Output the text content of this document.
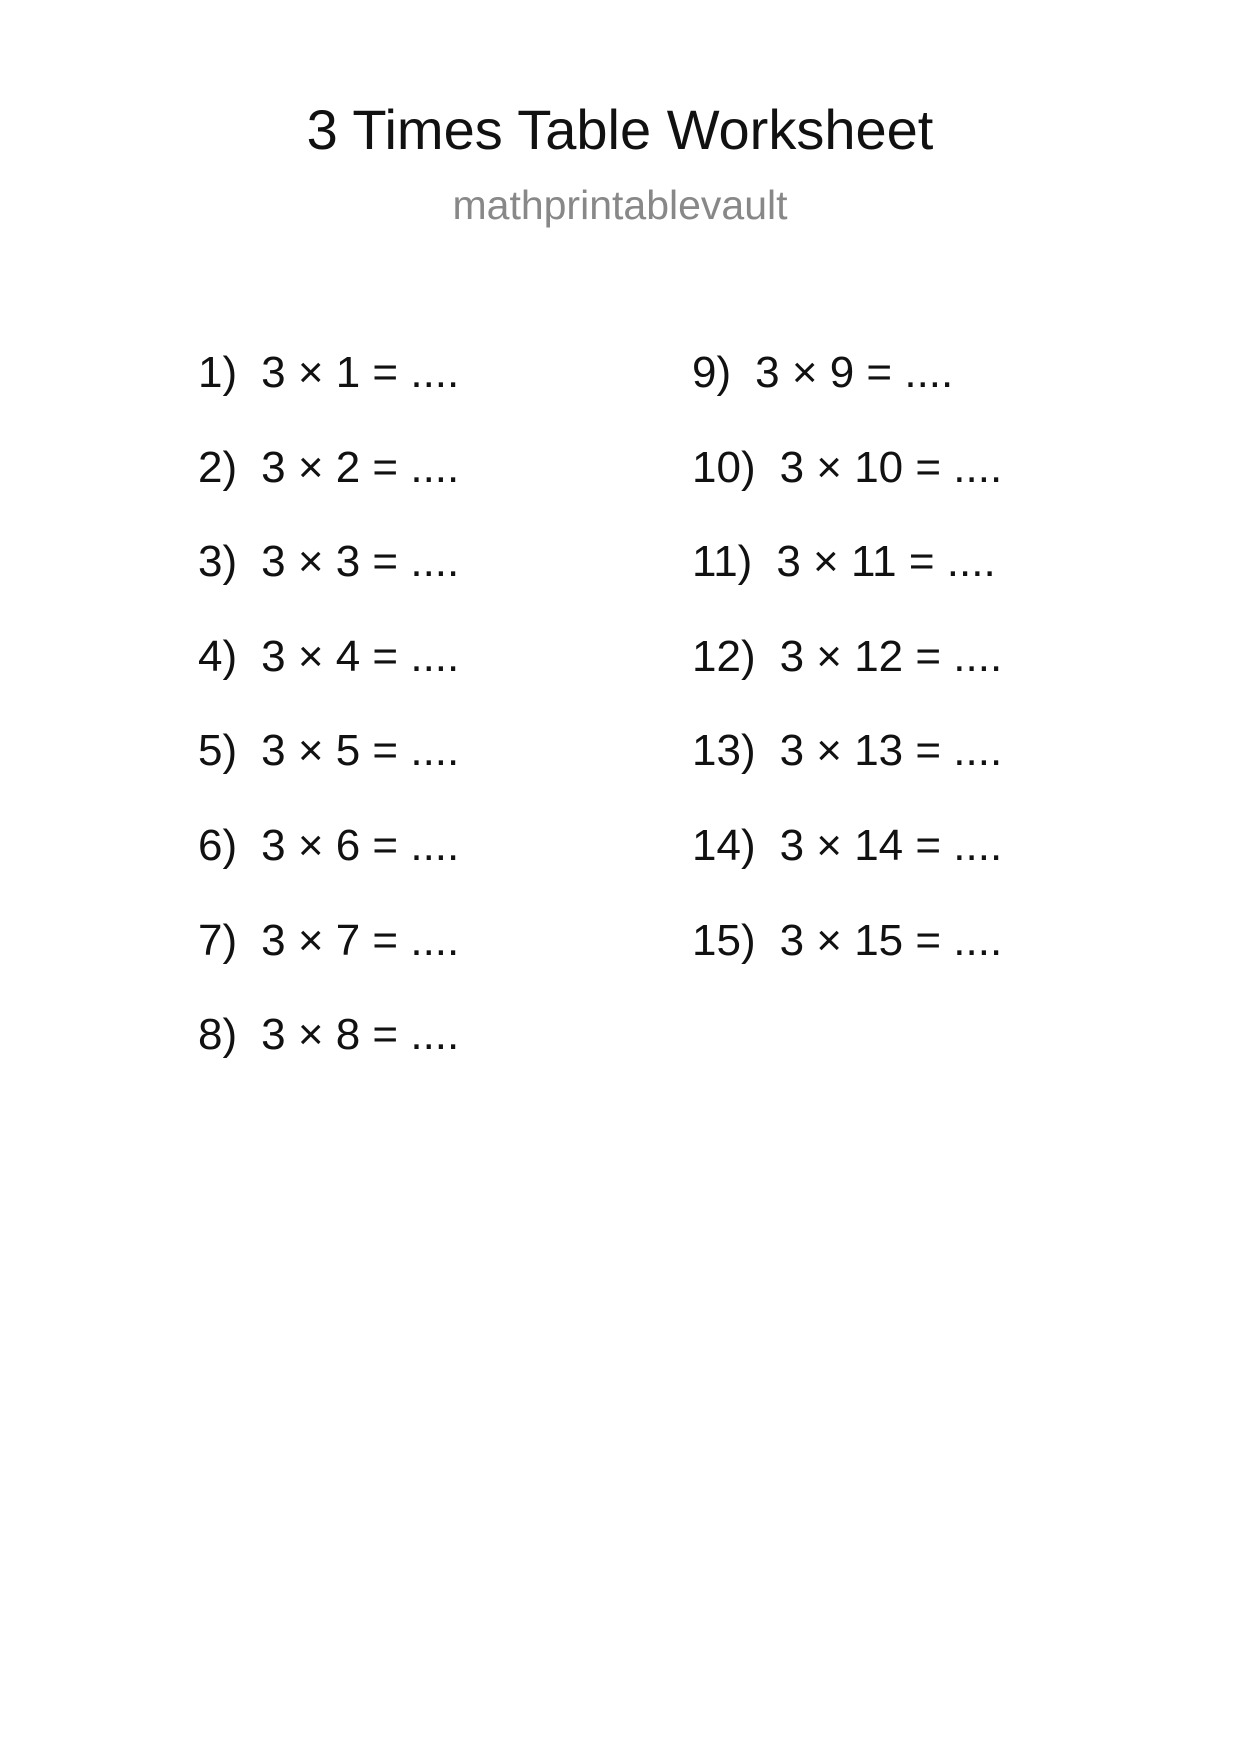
3 Times Table Worksheet
mathprintablevault
1) 3 × 1 = ....
2) 3 × 2 = ....
3) 3 × 3 = ....
4) 3 × 4 = ....
5) 3 × 5 = ....
6) 3 × 6 = ....
7) 3 × 7 = ....
8) 3 × 8 = ....
9) 3 × 9 = ....
10) 3 × 10 = ....
11) 3 × 11 = ....
12) 3 × 12 = ....
13) 3 × 13 = ....
14) 3 × 14 = ....
15) 3 × 15 = ....
